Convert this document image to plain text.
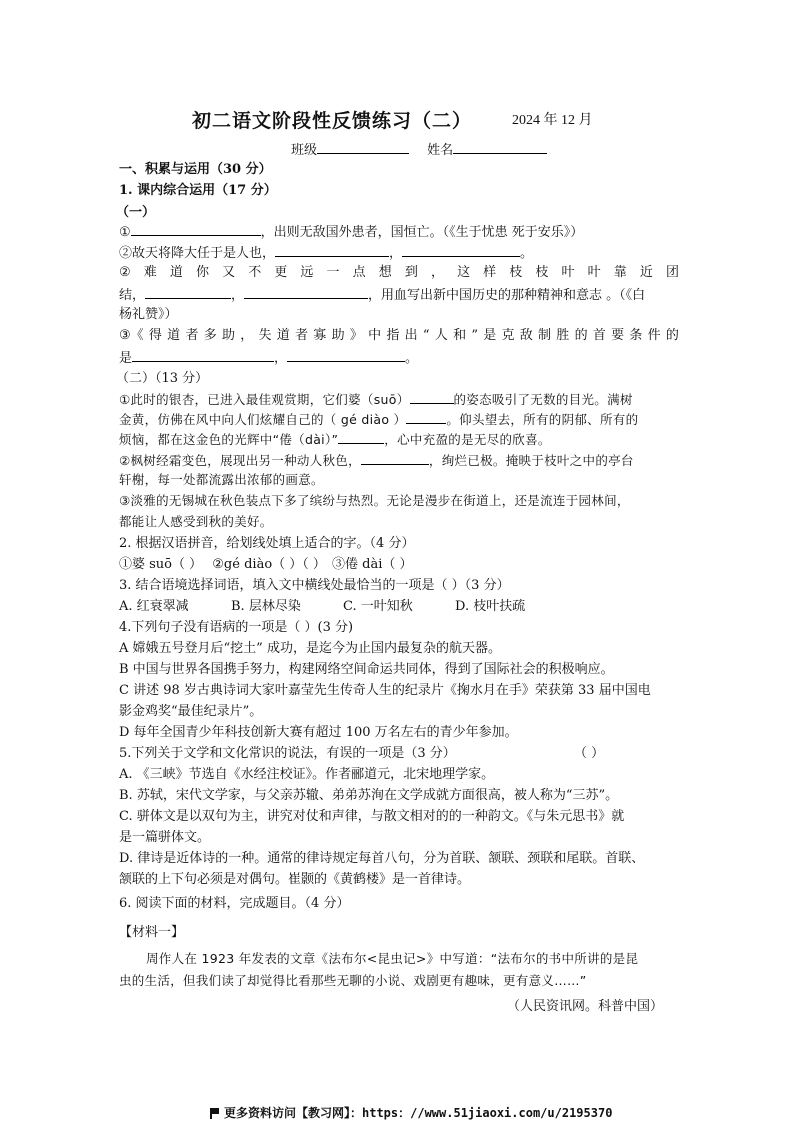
初二语文阶段性反馈练习（二）	2024 年 12 月
班级	姓名
一、积累与运用（30 分）
1. 课内综合运用（17 分）
（一）
①	，出则无敌国外患者，国恒亡。（《生于忧患 死于安乐》）
②故天将降大任于是人也，	，	。
② 难 道 你 又 不 更 远 一 点 想 到 ， 这 样 枝 枝 叶 叶 靠 近 团
结，	，	，用血写出新中国历史的那种精神和意志 。（《白
杨礼赞》）
③《 得 道 者 多 助 ， 失 道 者 寡 助 》 中 指 出 “ 人 和 ” 是 克 敌 制 胜 的 首 要 条 件 的
是	，	。
（二）（13 分）
①此时的银杏，已进入最佳观赏期，它们婆（suō）	的姿态吸引了无数的目光。满树
金黄，仿佛在风中向人们炫耀自己的（ gé diào ）	。仰头望去，所有的阴郁、所有的
烦恼，都在这金色的光辉中“倦（dài）”	，心中充盈的是无尽的欣喜。
②枫树经霜变色，展现出另一种动人秋色，	，绚烂已极。掩映于枝叶之中的亭台
轩榭，每一处都流露出浓郁的画意。
③淡雅的无锡城在秋色装点下多了缤纷与热烈。无论是漫步在街道上，还是流连于园林间，
都能让人感受到秋的美好。
2. 根据汉语拼音，给划线处填上适合的字。（4 分）
①婆 suō（ ） ②gé diào（ ）（ ） ③倦 dài（ ）
3. 结合语境选择词语，填入文中横线处最恰当的一项是（ ）（3 分）
A. 红衰翠减	B. 层林尽染	C. 一叶知秋	D. 枝叶扶疏
4.下列句子没有语病的一项是（ ）(3 分)
A 嫦娥五号登月后“挖土” 成功，是迄今为止国内最复杂的航天器。
B 中国与世界各国携手努力，构建网络空间命运共同体，得到了国际社会的积极响应。
C 讲述 98 岁古典诗词大家叶嘉莹先生传奇人生的纪录片《掬水月在手》荣获第 33 届中国电
影金鸡奖“最佳纪录片”。
D 每年全国青少年科技创新大赛有超过 100 万名左右的青少年参加。
5.下列关于文学和文化常识的说法，有误的一项是（3 分）	（ ）
A. 《三峡》节选自《水经注校证》。作者郦道元，北宋地理学家。
B. 苏轼，宋代文学家，与父亲苏辙、弟弟苏洵在文学成就方面很高，被人称为“三苏”。
C. 骈体文是以双句为主，讲究对仗和声律，与散文相对的的一种韵文。《与朱元思书》就
是一篇骈体文。
D. 律诗是近体诗的一种。通常的律诗规定每首八句，分为首联、颔联、颈联和尾联。首联、
颔联的上下句必须是对偶句。崔颢的《黄鹤楼》是一首律诗。
6. 阅读下面的材料，完成题目。（4 分）
【材料一】
周作人在 1923 年发表的文章《法布尔<昆虫记>》中写道：“法布尔的书中所讲的是昆
虫的生活，但我们读了却觉得比看那些无聊的小说、戏剧更有趣味，更有意义……”
（人民资讯网。科普中国）
更多资料访问【教习网】：https：//www.51jiaoxi.com/u/2195370
